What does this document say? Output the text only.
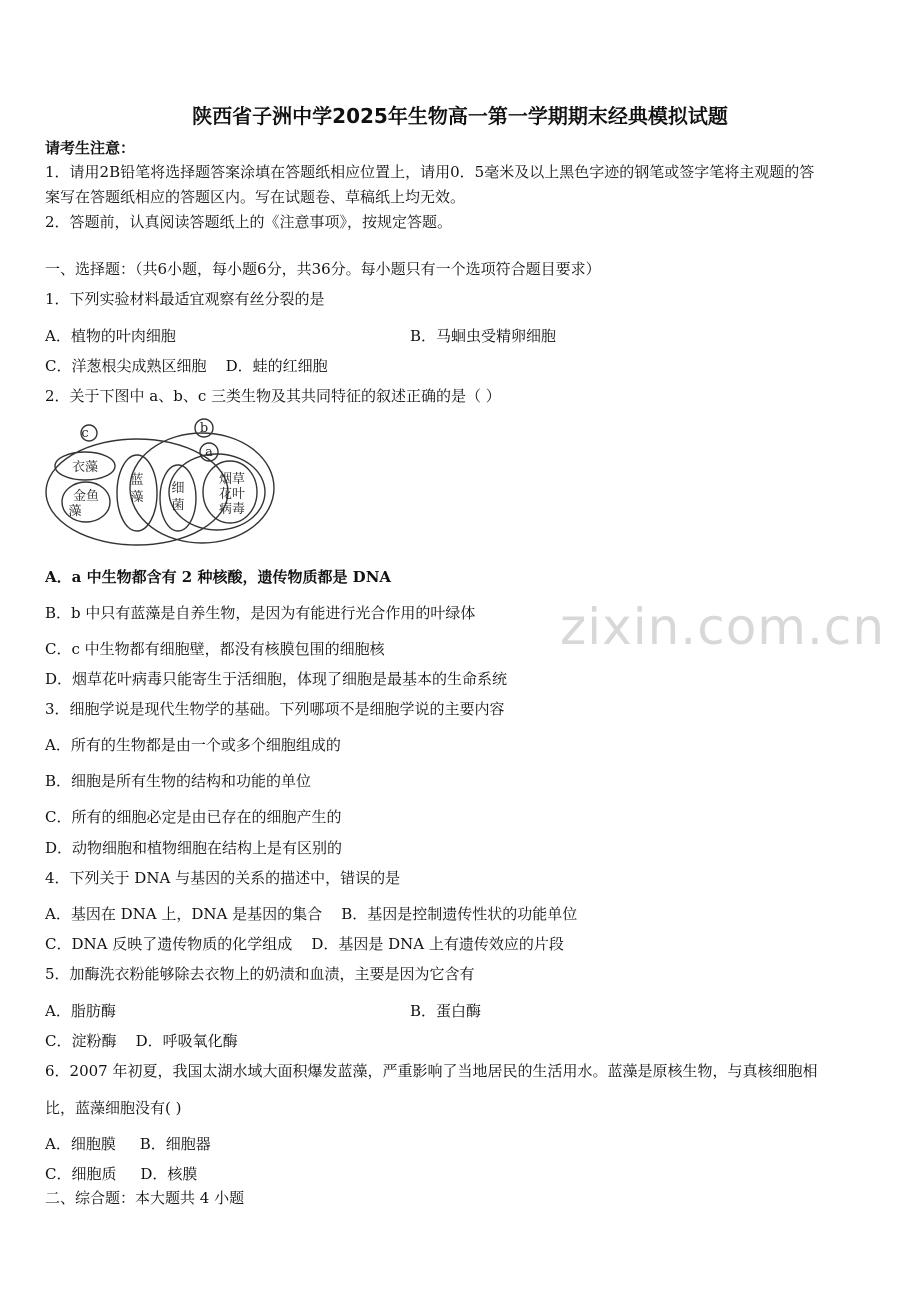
陕西省子洲中学2025年生物高一第一学期期末经典模拟试题
请考生注意：
1．请用2B铅笔将选择题答案涂填在答题纸相应位置上，请用0．5毫米及以上黑色字迹的钢笔或签字笔将主观题的答
案写在答题纸相应的答题区内。写在试题卷、草稿纸上均无效。
2．答题前，认真阅读答题纸上的《注意事项》，按规定答题。
一、选择题：（共6小题，每小题6分，共36分。每小题只有一个选项符合题目要求）
1．下列实验材料最适宜观察有丝分裂的是
A．植物的叶肉细胞	B．马蛔虫受精卵细胞
C．洋葱根尖成熟区细胞 D．蛙的红细胞
2．关于下图中 a、b、c 三类生物及其共同特征的叙述正确的是（ ）
c	b
a
衣藻
金鱼
藻
蓝
藻
细
菌
烟草
花叶
病毒
A．a 中生物都含有 2 种核酸，遗传物质都是 DNA
B．b 中只有蓝藻是自养生物，是因为有能进行光合作用的叶绿体
C．c 中生物都有细胞壁，都没有核膜包围的细胞核
D．烟草花叶病毒只能寄生于活细胞，体现了细胞是最基本的生命系统
zixin.com.cn
3．细胞学说是现代生物学的基础。下列哪项不是细胞学说的主要内容
A．所有的生物都是由一个或多个细胞组成的
B．细胞是所有生物的结构和功能的单位
C．所有的细胞必定是由已存在的细胞产生的
D．动物细胞和植物细胞在结构上是有区别的
4．下列关于 DNA 与基因的关系的描述中，错误的是
A．基因在 DNA 上，DNA 是基因的集合 B．基因是控制遗传性状的功能单位
C．DNA 反映了遗传物质的化学组成 D．基因是 DNA 上有遗传效应的片段
5．加酶洗衣粉能够除去衣物上的奶渍和血渍，主要是因为它含有
A．脂肪酶	B．蛋白酶
C．淀粉酶 D．呼吸氧化酶
6．2007 年初夏，我国太湖水域大面积爆发蓝藻，严重影响了当地居民的生活用水。蓝藻是原核生物，与真核细胞相
比，蓝藻细胞没有( )
A．细胞膜 B．细胞器
C．细胞质 D．核膜
二、综合题：本大题共 4 小题
